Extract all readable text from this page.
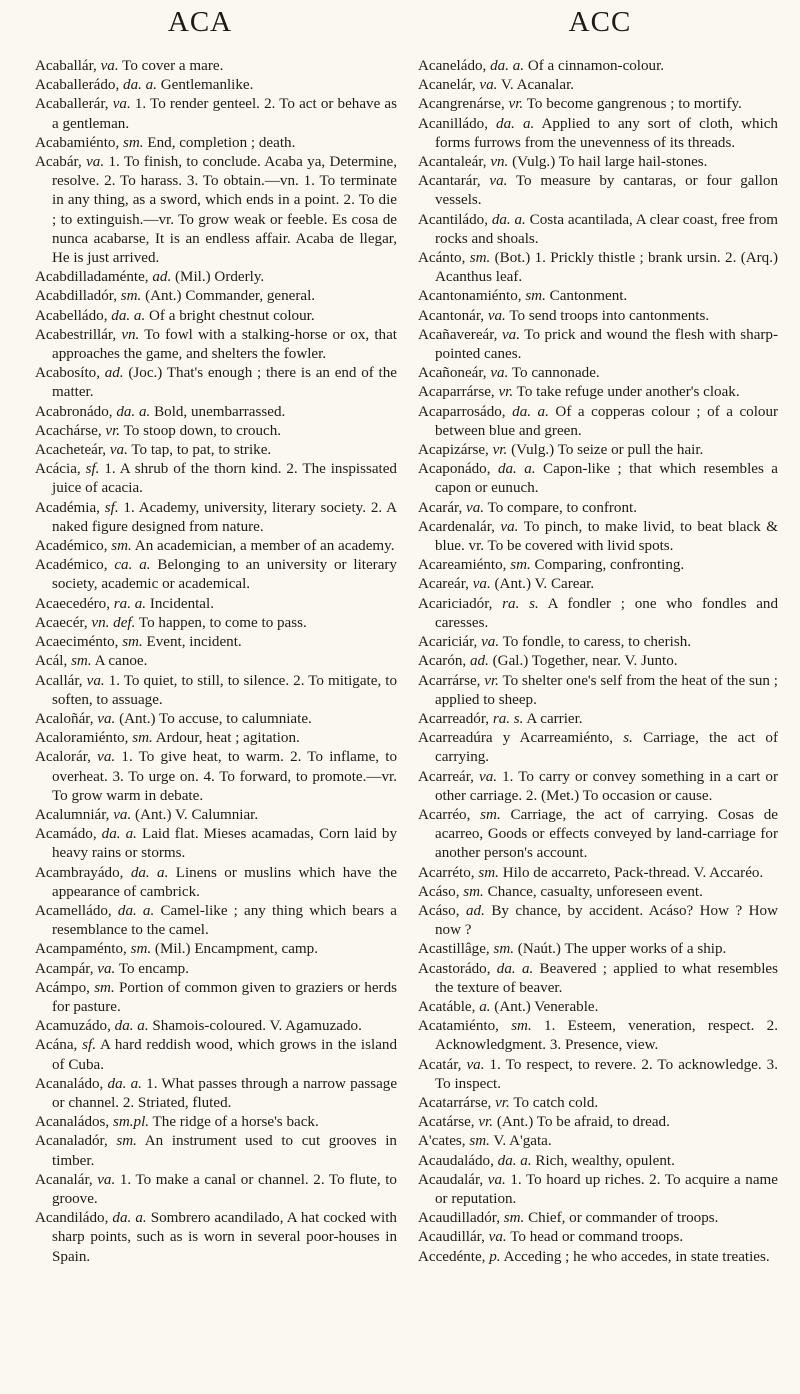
ACA	ACC

Acaballár, va. To cover a mare.

Acaballerádo, da. a. Gentlemanlike.

Acaballerár, va. 1. To render genteel. 2. To act or behave as a gentleman.

Acabamiénto, sm. End, completion ; death.

Acabár, va. 1. To finish, to conclude. Acaba ya, Determine, resolve. 2. To harass. 3. To obtain.—vn. 1. To terminate in any thing, as a sword, which ends in a point. 2. To die ; to extinguish.—vr. To grow weak or feeble. Es cosa de nunca acabarse, It is an endless affair. Acaba de llegar, He is just arrived.

Acabdilladaménte, ad. (Mil.) Orderly.

Acabdilladór, sm. (Ant.) Commander, general.

Acabelládo, da. a. Of a bright chestnut colour.

Acabestrillár, vn. To fowl with a stalking-horse or ox, that approaches the game, and shelters the fowler.

Acabosíto, ad. (Joc.) That's enough ; there is an end of the matter.

Acabronádo, da. a. Bold, unembarrassed.

Acachárse, vr. To stoop down, to crouch.

Acacheteár, va. To tap, to pat, to strike.

Acácia, sf. 1. A shrub of the thorn kind. 2. The inspissated juice of acacia.

Académia, sf. 1. Academy, university, literary society. 2. A naked figure designed from nature.

Académico, sm. An academician, a member of an academy.

Académico, ca. a. Belonging to an university or literary society, academic or academical.

Acaecedéro, ra. a. Incidental.

Acaecér, vn. def. To happen, to come to pass.

Acaeciménto, sm. Event, incident.

Acál, sm. A canoe.

Acallár, va. 1. To quiet, to still, to silence. 2. To mitigate, to soften, to assuage.

Acaloñár, va. (Ant.) To accuse, to calumniate.

Acaloramiénto, sm. Ardour, heat ; agitation.

Acalorár, va. 1. To give heat, to warm. 2. To inflame, to overheat. 3. To urge on. 4. To forward, to promote.—vr. To grow warm in debate.

Acalumniár, va. (Ant.) V. Calumniar.

Acamádo, da. a. Laid flat. Mieses acamadas, Corn laid by heavy rains or storms.

Acambrayádo, da. a. Linens or muslins which have the appearance of cambrick.

Acamelládo, da. a. Camel-like ; any thing which bears a resemblance to the camel.

Acampaménto, sm. (Mil.) Encampment, camp.

Acampár, va. To encamp.

Acámpo, sm. Portion of common given to graziers or herds for pasture.

Acamuzádo, da. a. Shamois-coloured. V. Agamuzado.

Acána, sf. A hard reddish wood, which grows in the island of Cuba.

Acanaládo, da. a. 1. What passes through a narrow passage or channel. 2. Striated, fluted.

Acanaládos, sm.pl. The ridge of a horse's back.

Acanaladór, sm. An instrument used to cut grooves in timber.

Acanalár, va. 1. To make a canal or channel. 2. To flute, to groove.

Acandiládo, da. a. Sombrero acandilado, A hat cocked with sharp points, such as is worn in several poor-houses in Spain.

Acaneládo, da. a. Of a cinnamon-colour.

Acanelár, va. V. Acanalar.

Acangrenárse, vr. To become gangrenous ; to mortify.

Acanilládo, da. a. Applied to any sort of cloth, which forms furrows from the unevenness of its threads.

Acantaleár, vn. (Vulg.) To hail large hail-stones.

Acantarár, va. To measure by cantaras, or four gallon vessels.

Acantiládo, da. a. Costa acantilada, A clear coast, free from rocks and shoals.

Acánto, sm. (Bot.) 1. Prickly thistle ; brank ursin. 2. (Arq.) Acanthus leaf.

Acantonamiénto, sm. Cantonment.

Acantonár, va. To send troops into cantonments.

Acañavereár, va. To prick and wound the flesh with sharp-pointed canes.

Acañoneár, va. To cannonade.

Acaparrárse, vr. To take refuge under another's cloak.

Acaparrosádo, da. a. Of a copperas colour ; of a colour between blue and green.

Acapizárse, vr. (Vulg.) To seize or pull the hair.

Acaponádo, da. a. Capon-like ; that which resembles a capon or eunuch.

Acarár, va. To compare, to confront.

Acardenalár, va. To pinch, to make livid, to beat black & blue. vr. To be covered with livid spots.

Acareamiénto, sm. Comparing, confronting.

Acareár, va. (Ant.) V. Carear.

Acariciadór, ra. s. A fondler ; one who fondles and caresses.

Acariciár, va. To fondle, to caress, to cherish.

Acarón, ad. (Gal.) Together, near. V. Junto.

Acarrárse, vr. To shelter one's self from the heat of the sun ; applied to sheep.

Acarreadór, ra. s. A carrier.

Acarreadúra y Acarreamiénto, s. Carriage, the act of carrying.

Acarreár, va. 1. To carry or convey something in a cart or other carriage. 2. (Met.) To occasion or cause.

Acarréo, sm. Carriage, the act of carrying. Cosas de acarreo, Goods or effects conveyed by land-carriage for another person's account.

Acarréto, sm. Hilo de accarreto, Pack-thread. V. Accaréo.

Acáso, sm. Chance, casualty, unforeseen event.

Acáso, ad. By chance, by accident. Acáso? How ? How now ?

Acastillâge, sm. (Naút.) The upper works of a ship.

Acastorádo, da. a. Beavered ; applied to what resembles the texture of beaver.

Acatáble, a. (Ant.) Venerable.

Acatamiénto, sm. 1. Esteem, veneration, respect. 2. Acknowledgment. 3. Presence, view.

Acatár, va. 1. To respect, to revere. 2. To acknowledge. 3. To inspect.

Acatarrárse, vr. To catch cold.

Acatárse, vr. (Ant.) To be afraid, to dread.

A'cates, sm. V. A'gata.

Acaudaládo, da. a. Rich, wealthy, opulent.

Acaudalár, va. 1. To hoard up riches. 2. To acquire a name or reputation.

Acaudilladór, sm. Chief, or commander of troops.

Acaudillár, va. To head or command troops.

Accedénte, p. Acceding ; he who accedes, in state treaties.
